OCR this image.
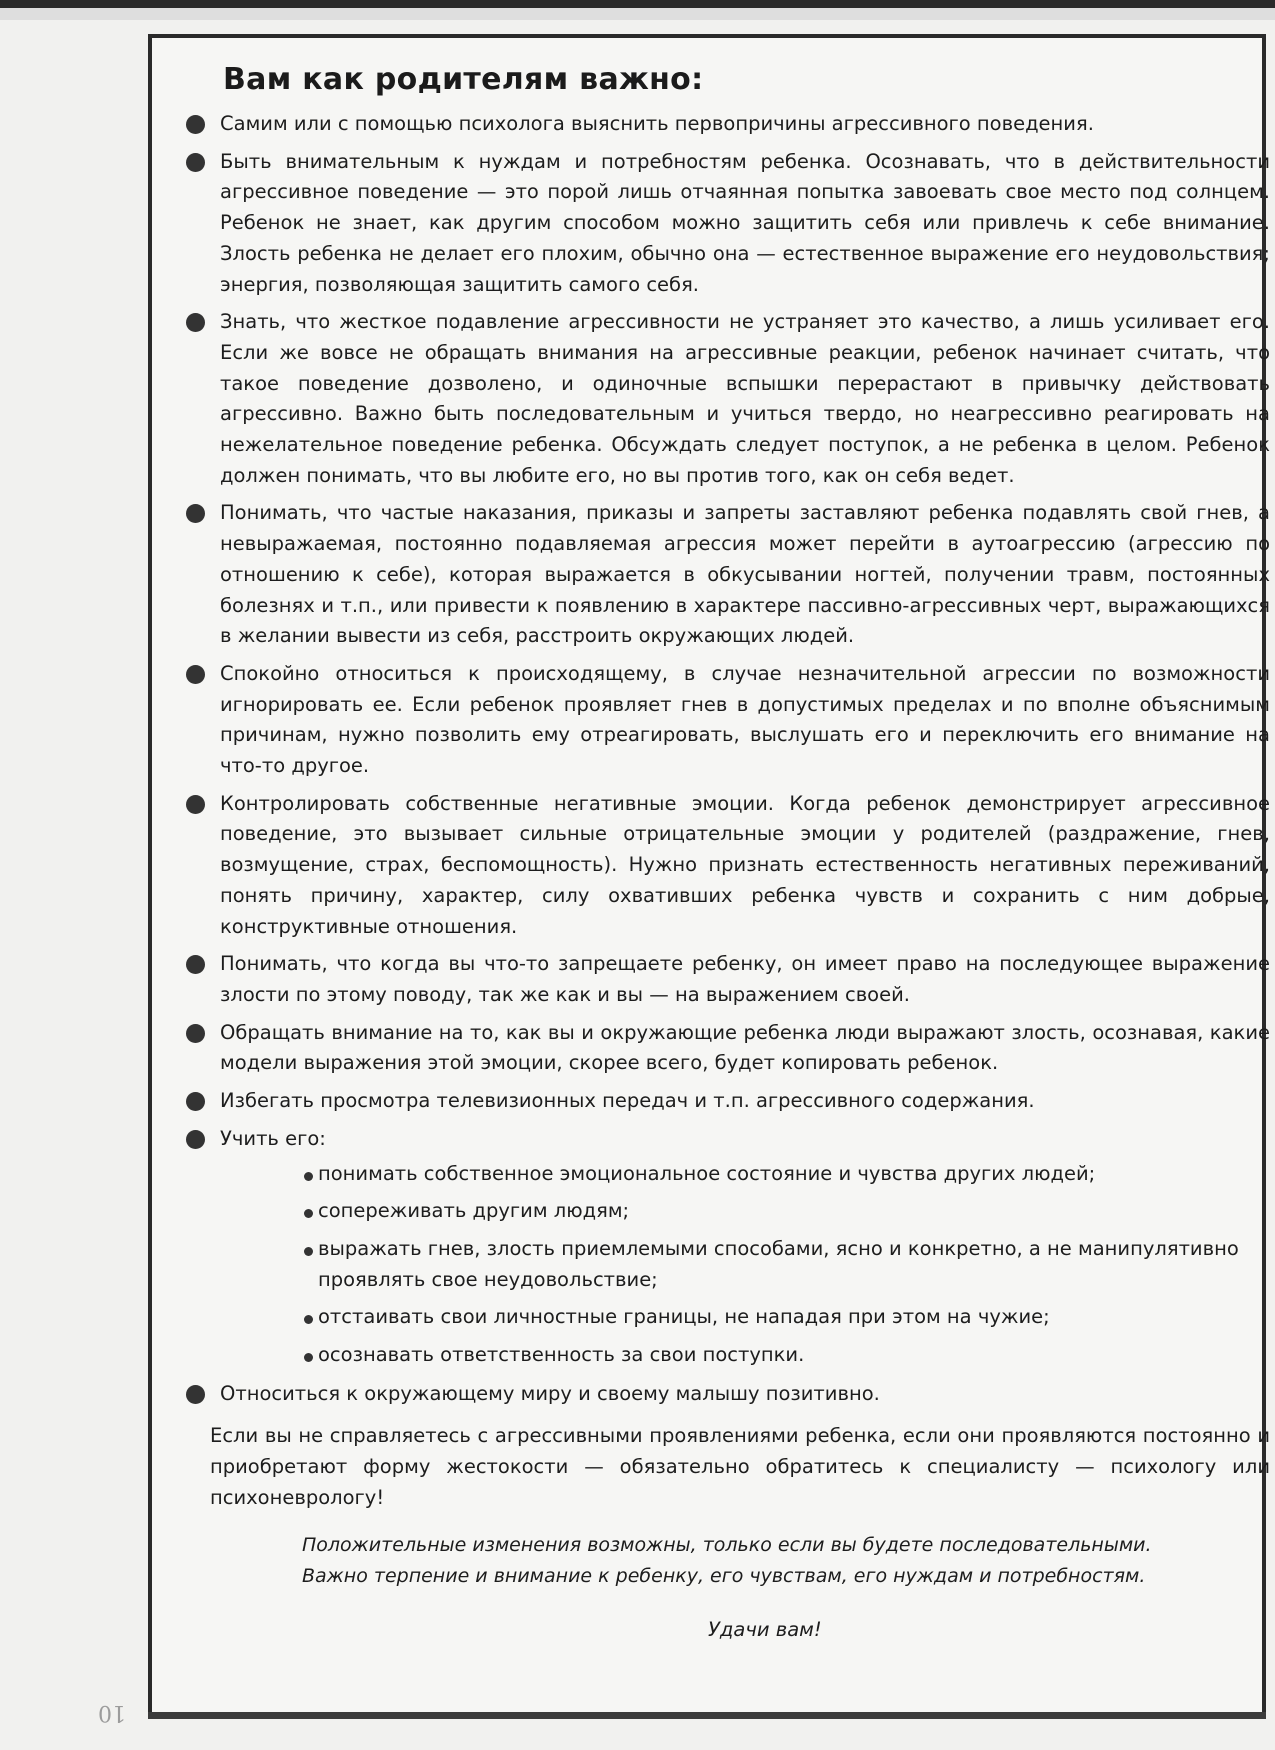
10
Вам как родителям важно:
Самим или с помощью психолога выяснить первопричины агрессивного поведения.
Быть внимательным к нуждам и потребностям ребенка. Осознавать, что в действительности агрессивное поведение — это порой лишь отчаянная попытка завоевать свое место под солнцем. Ребенок не знает, как другим способом можно защитить себя или привлечь к себе внимание. Злость ребенка не делает его плохим, обычно она — естественное выражение его неудовольствия; энергия, позволяющая защитить самого себя.
Знать, что жесткое подавление агрессивности не устраняет это качество, а лишь усиливает его. Если же вовсе не обращать внимания на агрессивные реакции, ребенок начинает считать, что такое поведение дозволено, и одиночные вспышки перерастают в привычку действовать агрессивно. Важно быть последовательным и учиться твердо, но неагрессивно реагировать на нежелательное поведение ребенка. Обсуждать следует поступок, а не ребенка в целом. Ребенок должен понимать, что вы любите его, но вы против того, как он себя ведет.
Понимать, что частые наказания, приказы и запреты заставляют ребенка подавлять свой гнев, а невыражаемая, постоянно подавляемая агрессия может перейти в аутоагрессию (агрессию по отношению к себе), которая выражается в обкусывании ногтей, получении травм, постоянных болезнях и т.п., или привести к появлению в характере пассивно-агрессивных черт, выражающихся в желании вывести из себя, расстроить окружающих людей.
Спокойно относиться к происходящему, в случае незначительной агрессии по возможности игнорировать ее. Если ребенок проявляет гнев в допустимых пределах и по вполне объяснимым причинам, нужно позволить ему отреагировать, выслушать его и переключить его внимание на что-то другое.
Контролировать собственные негативные эмоции. Когда ребенок демонстрирует агрессивное поведение, это вызывает сильные отрицательные эмоции у родителей (раздражение, гнев, возмущение, страх, беспомощность). Нужно признать естественность негативных переживаний, понять причину, характер, силу охвативших ребенка чувств и сохранить с ним добрые, конструктивные отношения.
Понимать, что когда вы что-то запрещаете ребенку, он имеет право на последующее выражение злости по этому поводу, так же как и вы — на выражением своей.
Обращать внимание на то, как вы и окружающие ребенка люди выражают злость, осознавая, какие модели выражения этой эмоции, скорее всего, будет копировать ребенок.
Избегать просмотра телевизионных передач и т.п. агрессивного содержания.
Учить его:
понимать собственное эмоциональное состояние и чувства других людей;
сопереживать другим людям;
выражать гнев, злость приемлемыми способами, ясно и конкретно, а не манипулятивно проявлять свое неудовольствие;
отстаивать свои личностные границы, не нападая при этом на чужие;
осознавать ответственность за свои поступки.
Относиться к окружающему миру и своему малышу позитивно.

Если вы не справляетесь с агрессивными проявлениями ребенка, если они проявляются постоянно и приобретают форму жестокости — обязательно обратитесь к специалисту — психологу или психоневрологу!

Положительные изменения возможны, только если вы будете последовательными.
Важно терпение и внимание к ребенку, его чувствам, его нуждам и потребностям.

Удачи вам!
